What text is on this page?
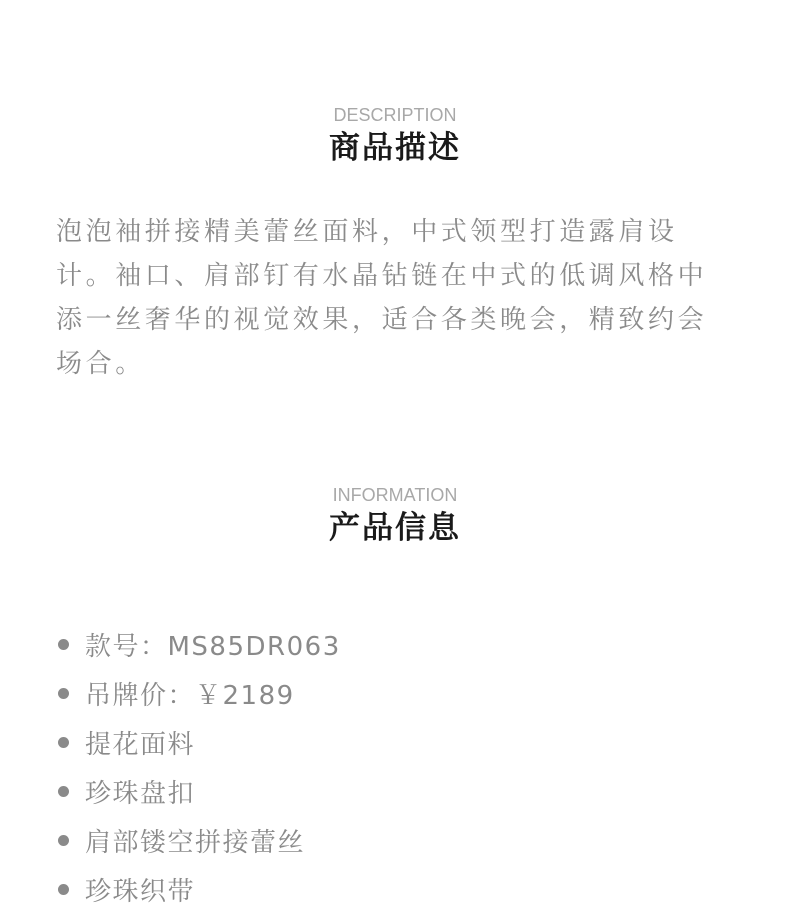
DESCRIPTION
商品描述

泡泡袖拼接精美蕾丝面料，中式领型打造露肩设计。袖口、肩部钉有水晶钻链在中式的低调风格中添一丝奢华的视觉效果，适合各类晚会，精致约会场合。

INFORMATION
产品信息
款号：MS85DR063
吊牌价：￥2189
提花面料
珍珠盘扣
肩部镂空拼接蕾丝
珍珠织带
